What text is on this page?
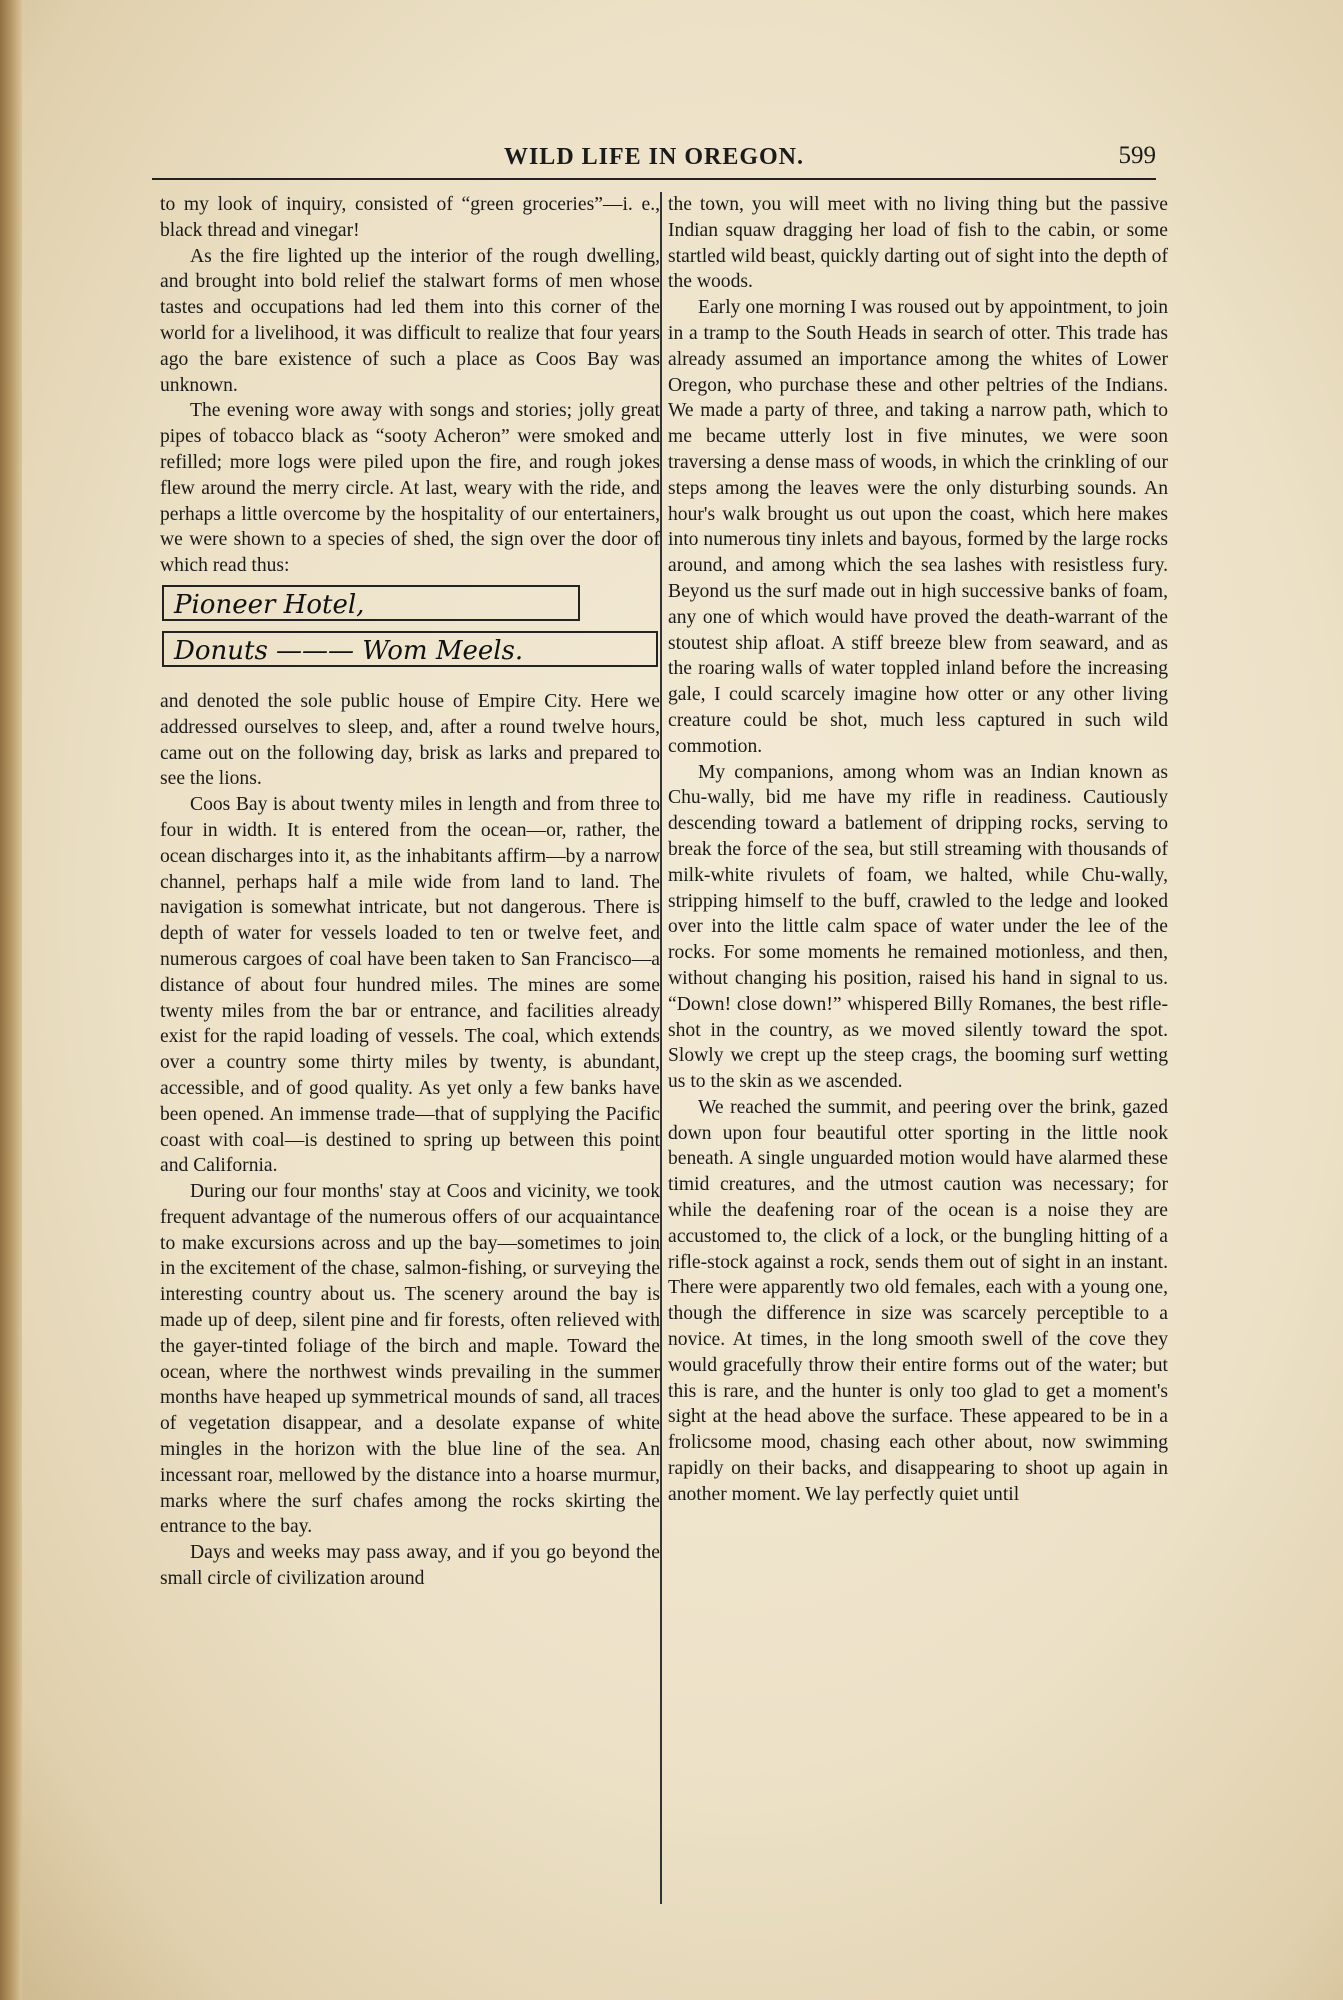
WILD LIFE IN OREGON.	599

to my look of inquiry, consisted of “green groceries”—i. e., black thread and vinegar!

As the fire lighted up the interior of the rough dwelling, and brought into bold relief the stalwart forms of men whose tastes and occupations had led them into this corner of the world for a livelihood, it was difficult to realize that four years ago the bare existence of such a place as Coos Bay was unknown.

The evening wore away with songs and stories; jolly great pipes of tobacco black as “sooty Acheron” were smoked and refilled; more logs were piled upon the fire, and rough jokes flew around the merry circle. At last, weary with the ride, and perhaps a little overcome by the hospitality of our entertainers, we were shown to a species of shed, the sign over the door of which read thus:

Pioneer Hotel,
Donuts ——— Wom Meels.

and denoted the sole public house of Empire City. Here we addressed ourselves to sleep, and, after a round twelve hours, came out on the following day, brisk as larks and prepared to see the lions.

Coos Bay is about twenty miles in length and from three to four in width. It is entered from the ocean—or, rather, the ocean discharges into it, as the inhabitants affirm—by a narrow channel, perhaps half a mile wide from land to land. The navigation is somewhat intricate, but not dangerous. There is depth of water for vessels loaded to ten or twelve feet, and numerous cargoes of coal have been taken to San Francisco—a distance of about four hundred miles. The mines are some twenty miles from the bar or entrance, and facilities already exist for the rapid loading of vessels. The coal, which extends over a country some thirty miles by twenty, is abundant, accessible, and of good quality. As yet only a few banks have been opened. An immense trade—that of supplying the Pacific coast with coal—is destined to spring up between this point and California.

During our four months' stay at Coos and vicinity, we took frequent advantage of the numerous offers of our acquaintance to make excursions across and up the bay—sometimes to join in the excitement of the chase, salmon-fishing, or surveying the interesting country about us. The scenery around the bay is made up of deep, silent pine and fir forests, often relieved with the gayer-tinted foliage of the birch and maple. Toward the ocean, where the northwest winds prevailing in the summer months have heaped up symmetrical mounds of sand, all traces of vegetation disappear, and a desolate expanse of white mingles in the horizon with the blue line of the sea. An incessant roar, mellowed by the distance into a hoarse murmur, marks where the surf chafes among the rocks skirting the entrance to the bay.

Days and weeks may pass away, and if you go beyond the small circle of civilization around

the town, you will meet with no living thing but the passive Indian squaw dragging her load of fish to the cabin, or some startled wild beast, quickly darting out of sight into the depth of the woods.

Early one morning I was roused out by appointment, to join in a tramp to the South Heads in search of otter. This trade has already assumed an importance among the whites of Lower Oregon, who purchase these and other peltries of the Indians. We made a party of three, and taking a narrow path, which to me became utterly lost in five minutes, we were soon traversing a dense mass of woods, in which the crinkling of our steps among the leaves were the only disturbing sounds. An hour's walk brought us out upon the coast, which here makes into numerous tiny inlets and bayous, formed by the large rocks around, and among which the sea lashes with resistless fury. Beyond us the surf made out in high successive banks of foam, any one of which would have proved the death-warrant of the stoutest ship afloat. A stiff breeze blew from seaward, and as the roaring walls of water toppled inland before the increasing gale, I could scarcely imagine how otter or any other living creature could be shot, much less captured in such wild commotion.

My companions, among whom was an Indian known as Chu-wally, bid me have my rifle in readiness. Cautiously descending toward a batlement of dripping rocks, serving to break the force of the sea, but still streaming with thousands of milk-white rivulets of foam, we halted, while Chu-wally, stripping himself to the buff, crawled to the ledge and looked over into the little calm space of water under the lee of the rocks. For some moments he remained motionless, and then, without changing his position, raised his hand in signal to us. “Down! close down!” whispered Billy Romanes, the best rifle-shot in the country, as we moved silently toward the spot. Slowly we crept up the steep crags, the booming surf wetting us to the skin as we ascended.

We reached the summit, and peering over the brink, gazed down upon four beautiful otter sporting in the little nook beneath. A single unguarded motion would have alarmed these timid creatures, and the utmost caution was necessary; for while the deafening roar of the ocean is a noise they are accustomed to, the click of a lock, or the bungling hitting of a rifle-stock against a rock, sends them out of sight in an instant. There were apparently two old females, each with a young one, though the difference in size was scarcely perceptible to a novice. At times, in the long smooth swell of the cove they would gracefully throw their entire forms out of the water; but this is rare, and the hunter is only too glad to get a moment's sight at the head above the surface. These appeared to be in a frolicsome mood, chasing each other about, now swimming rapidly on their backs, and disappearing to shoot up again in another moment. We lay perfectly quiet until
